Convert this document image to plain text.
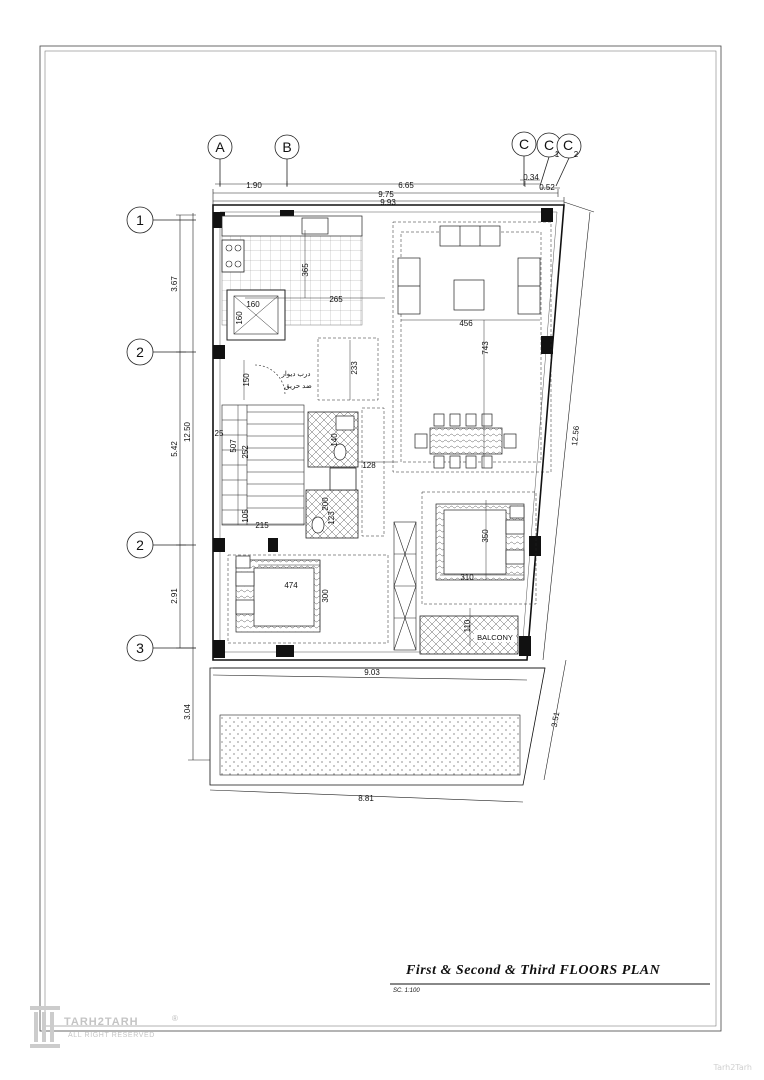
A	B	C C C
1 2
1
2
2
3
1.90	6.65
9.75
9.93
0.34
0.52
3.67
5.42
2.91
12.50
3.04
12.56
3.51
9.03
8.81
365
265
160
160	456
743
233
150
25
507 252
105
215
140
128
200
123
474
300
350
310
110
BALCONY
درب دیوار
ضد حریق
First & Second & Third FLOORS PLAN
SC. 1:100
TARH2TARH
ALL RIGHT RESERVED
®
Tarh2Tarh
